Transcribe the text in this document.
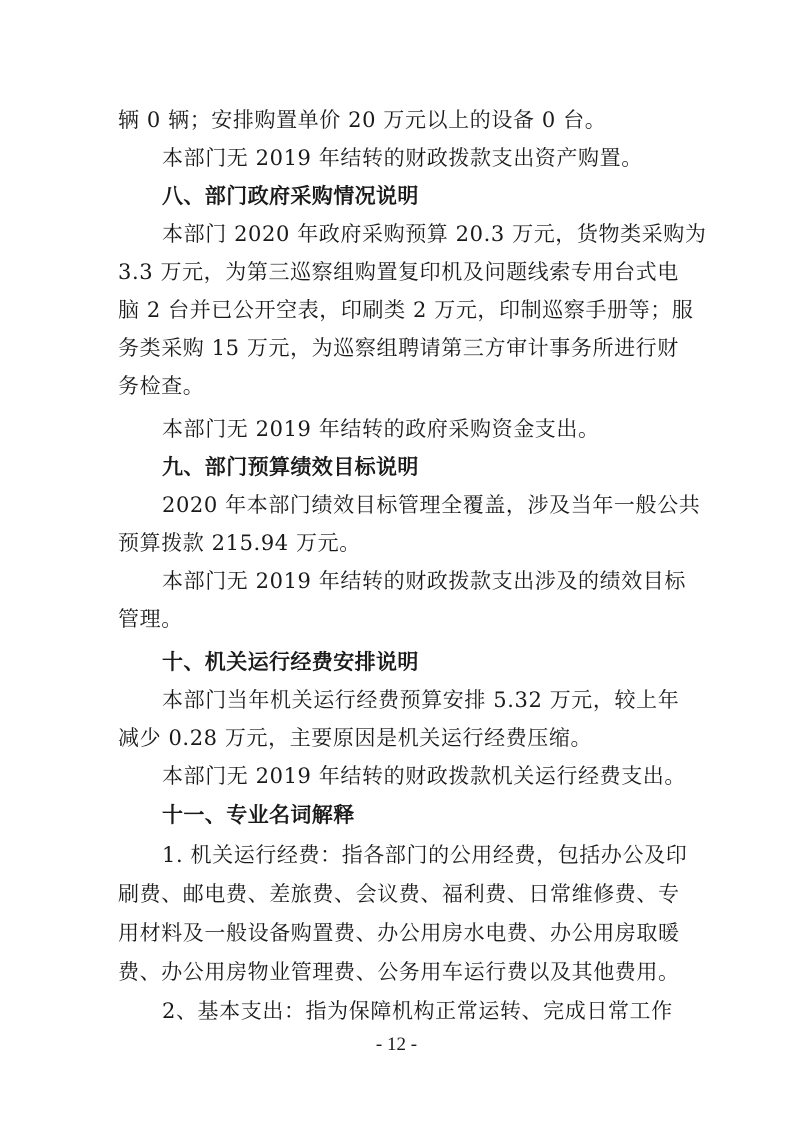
辆 0 辆；安排购置单价 20 万元以上的设备 0 台。
本部门无 2019 年结转的财政拨款支出资产购置。
八、部门政府采购情况说明
本部门 2020 年政府采购预算 20.3 万元，货物类采购为
3.3 万元，为第三巡察组购置复印机及问题线索专用台式电
脑 2 台并已公开空表，印刷类 2 万元，印制巡察手册等；服
务类采购 15 万元，为巡察组聘请第三方审计事务所进行财
务检查。
本部门无 2019 年结转的政府采购资金支出。
九、部门预算绩效目标说明
2020 年本部门绩效目标管理全覆盖，涉及当年一般公共
预算拨款 215.94 万元。
本部门无 2019 年结转的财政拨款支出涉及的绩效目标
管理。
十、机关运行经费安排说明
本部门当年机关运行经费预算安排 5.32 万元，较上年
减少 0.28 万元，主要原因是机关运行经费压缩。
本部门无 2019 年结转的财政拨款机关运行经费支出。
十一、专业名词解释
1. 机关运行经费：指各部门的公用经费，包括办公及印
刷费、邮电费、差旅费、会议费、福利费、日常维修费、专
用材料及一般设备购置费、办公用房水电费、办公用房取暖
费、办公用房物业管理费、公务用车运行费以及其他费用。
2、基本支出：指为保障机构正常运转、完成日常工作
- 12 -
